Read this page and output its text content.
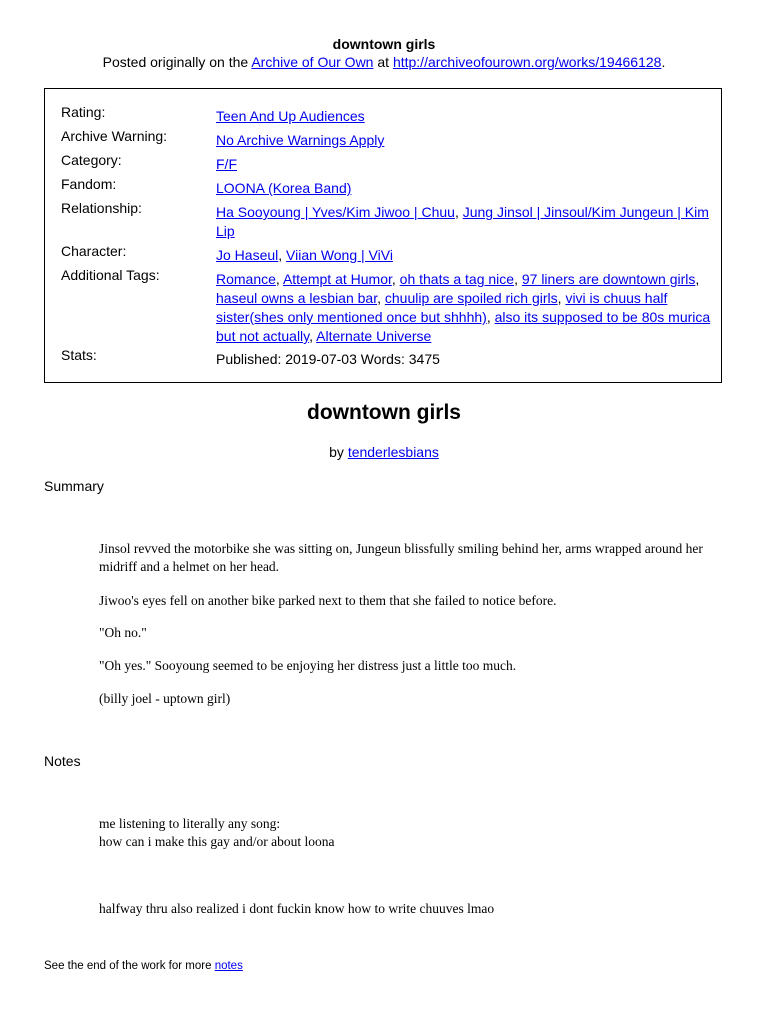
downtown girls
Posted originally on the Archive of Our Own at http://archiveofourown.org/works/19466128.
Rating:	Teen And Up Audiences
Archive Warning:	No Archive Warnings Apply
Category:	F/F
Fandom:	LOONA (Korea Band)
Relationship:	Ha Sooyoung | Yves/Kim Jiwoo | Chuu, Jung Jinsol | Jinsoul/Kim Jungeun | Kim Lip
Character:	Jo Haseul, Viian Wong | ViVi
Additional Tags:	Romance, Attempt at Humor, oh thats a tag nice, 97 liners are downtown girls, haseul owns a lesbian bar, chuulip are spoiled rich girls, vivi is chuus half sister(shes only mentioned once but shhhh), also its supposed to be 80s murica but not actually, Alternate Universe
Stats:	Published: 2019-07-03 Words: 3475
downtown girls
by tenderlesbians
Summary

Jinsol revved the motorbike she was sitting on, Jungeun blissfully smiling behind her, arms wrapped around her midriff and a helmet on her head.

Jiwoo's eyes fell on another bike parked next to them that she failed to notice before.

"Oh no."

"Oh yes." Sooyoung seemed to be enjoying her distress just a little too much.

(billy joel - uptown girl)

Notes

me listening to literally any song:

how can i make this gay and/or about loona

halfway thru also realized i dont fuckin know how to write chuuves lmao

See the end of the work for more notes
